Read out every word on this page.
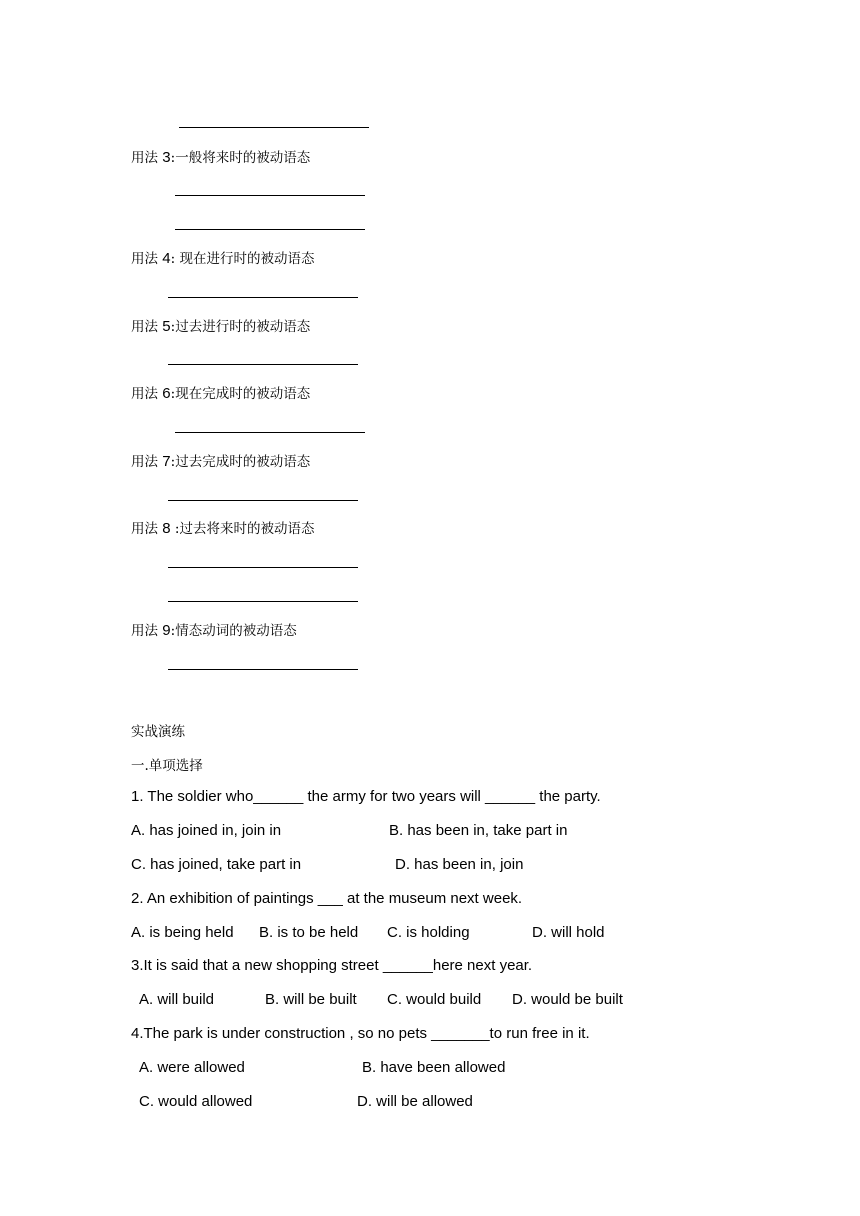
用法 3:一般将来时的被动语态
用法 4: 现在进行时的被动语态
用法 5:过去进行时的被动语态
用法 6:现在完成时的被动语态
用法 7:过去完成时的被动语态
用法 8 :过去将来时的被动语态
用法 9:情态动词的被动语态
实战演练
一.单项选择
1. The soldier who______ the army for two years will ______ the party.
A. has joined in, join in	B. has been in, take part in
C. has joined, take part in	D. has been in, join
2. An exhibition of paintings ___ at the museum next week.
A. is being held B. is to be held C. is holding	D. will hold
3.It is said that a new shopping street ______here next year.
A. will build	B. will be built C. would build D. would be built
4.The park is under construction , so no pets _______to run free in it.
A. were allowed	B. have been allowed
C. would allowed	D. will be allowed
